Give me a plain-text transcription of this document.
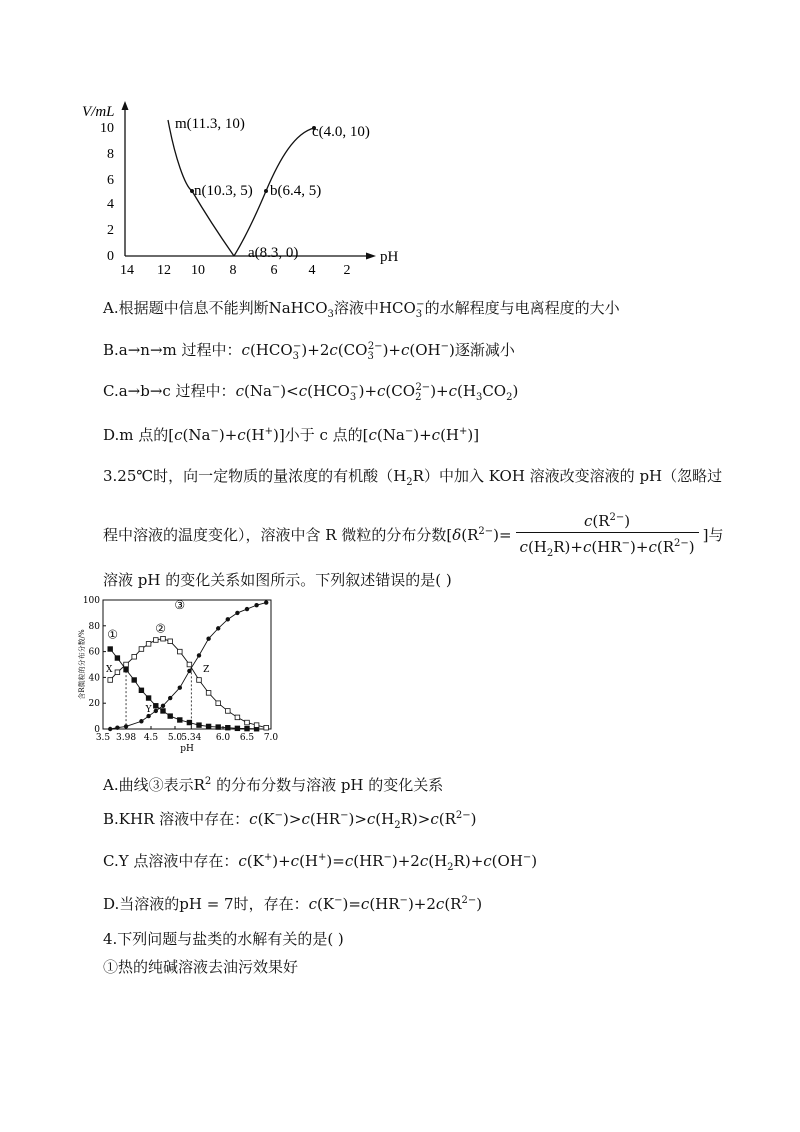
V/mL
pH
10
8
6
4
2
0
14 12 10 8 6 4 2
m(11.3, 10)
n(10.3, 5)
a(8.3, 0)
b(6.4, 5)
c(4.0, 10)
A.根据题中信息不能判断NaHCO$_3$溶液中$HCO_3^-$的水解程度与电离程度的大小
B.a→n→m 过程中：$c(HCO_3^-)+2c(CO_3^{2-})+c(OH^-)$逐渐减小
C.a→b→c 过程中：$c(Na^-)<c(HCO_3^-)+c(CO_2^{2-})+c(H_3CO_2)$
D.m 点的[c(Na−)+c(H+)]小于 c 点的[c(Na−)+c(H+)]
3.25℃时，向一定物质的量浓度的有机酸$(H_2R)$中加入 KOH 溶液改变溶液的 pH（忽略过
程中溶液的温度变化），溶液中含 R 微粒的分布分数[$\delta(R^{2-})= \frac{c(R^{2-})}{c(H_2R)+c(HR^-)+c(R^{2-})}$ ]与
溶液 pH 的变化关系如图所示。下列叙述错误的是( )
0
20
40
60
80
100
3.5 3.98 4.5 5.0 5.34 6.0 6.5 7.0
pH
含R微粒的分布分数/% ①	②
③
X
Y
Z
A.曲线③表示$R^2$ 的分布分数与溶液 pH 的变化关系
B.KHR 溶液中存在：$c(K^-)>c(HR^-)>c(H_2R)>c(R^{2-})$
C.Y 点溶液中存在：$c(K^+)+c(H^+)=c(HR^-)+2c(H_2R)+c(OH^-)$
D.当溶液的pH = 7时，存在：$c(K^-)=c(HR^-)+2c(R^{2-})$
4.下列问题与盐类的水解有关的是( )
①热的纯碱溶液去油污效果好
